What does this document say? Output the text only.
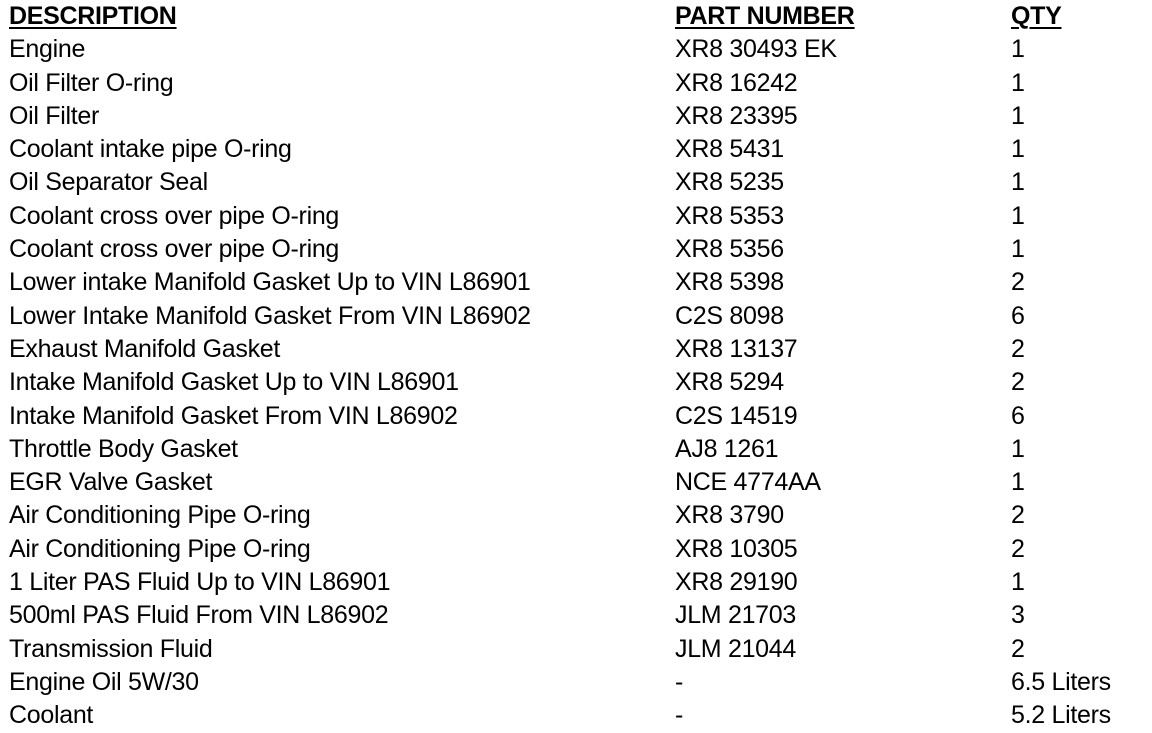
DESCRIPTION	PART NUMBER	QTY
Engine	XR8 30493 EK	1
Oil Filter O-ring	XR8 16242	1
Oil Filter	XR8 23395	1
Coolant intake pipe O-ring	XR8 5431	1
Oil Separator Seal	XR8 5235	1
Coolant cross over pipe O-ring	XR8 5353	1
Coolant cross over pipe O-ring	XR8 5356	1
Lower intake Manifold Gasket Up to VIN L86901	XR8 5398	2
Lower Intake Manifold Gasket From VIN L86902	C2S 8098	6
Exhaust Manifold Gasket	XR8 13137	2
Intake Manifold Gasket Up to VIN L86901	XR8 5294	2
Intake Manifold Gasket From VIN L86902	C2S 14519	6
Throttle Body Gasket	AJ8 1261	1
EGR Valve Gasket	NCE 4774AA	1
Air Conditioning Pipe O-ring	XR8 3790	2
Air Conditioning Pipe O-ring	XR8 10305	2
1 Liter PAS Fluid Up to VIN L86901	XR8 29190	1
500ml PAS Fluid From VIN L86902	JLM 21703	3
Transmission Fluid	JLM 21044	2
Engine Oil 5W/30	-	6.5 Liters
Coolant	-	5.2 Liters
